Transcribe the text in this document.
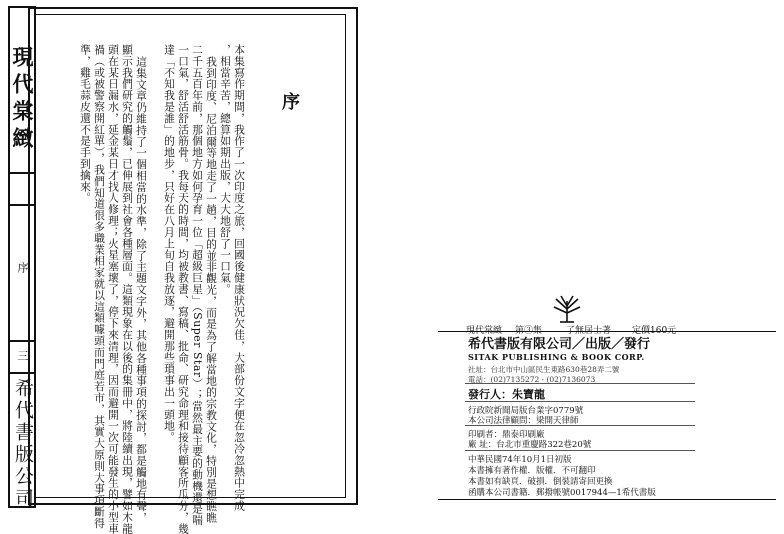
現代棠緻
序
三
希代書版公司
序
本集寫作期間，我作了一次印度之旅，回國後健康狀況欠佳，大部份文字便在忽冷忽熱中完成
，相當辛苦，總算如期出版，大大地舒了一口氣。
我到印度、尼泊爾等地走了一趟，目的並非觀光，而是為了解當地的宗教文化，特別是想瞧瞧
二千五百年前，那個地方如何孕育一位「超級巨星」（Super Star）；當然最主要的動機還是喘
一口氣，舒活舒活筋骨。我每天的時間，均被教書、寫稿、批命、研究命理和接待顧客所瓜分，幾
達「不知我是誰」的地步，只好在八月上旬自我放逐，避開那些瑣事出一頭地。
這集文章仍維持了一個相當的水準，除了主題文字外，其他各種事項的探討，都是觸地有聲，
顯示我們研究的觸鬚，已伸展到社會各種層面。這類現象在以後的集冊中，將陸續出現，譬如木龍
頭在某日漏水，延金某日才找人修理；火星塞壞了，停下來清理，因而避開一次可能發生的小型車
禍（或被警察開紅單），我們知道很多職業相家就以這類噱頭而門庭若市，其實大原則大事項斷得
準，雞毛蒜皮還不是手到擒來。
現代棠緻 第③集	了無居士著 定價160元
希代書版有限公司／出版／發行
SITAK PUBLISHING & BOOK CORP.
社址：台北市中山區民生東路630巷28弄二號
電話：(02)7135272 · (02)7136073
發行人：朱寶龍
行政院新聞局版台業字0779號
本公司法律顧問：梁開天律師
印刷者：鼎泰印刷廠
廠 址：台北市重慶路322巷20號
中華民國74年10月1日初版
本書擁有著作權．版權．不可翻印
本書如有缺頁．破損．倒裝請寄回更換
函購本公司書籍．郵撥帳號0017944—1希代書版
